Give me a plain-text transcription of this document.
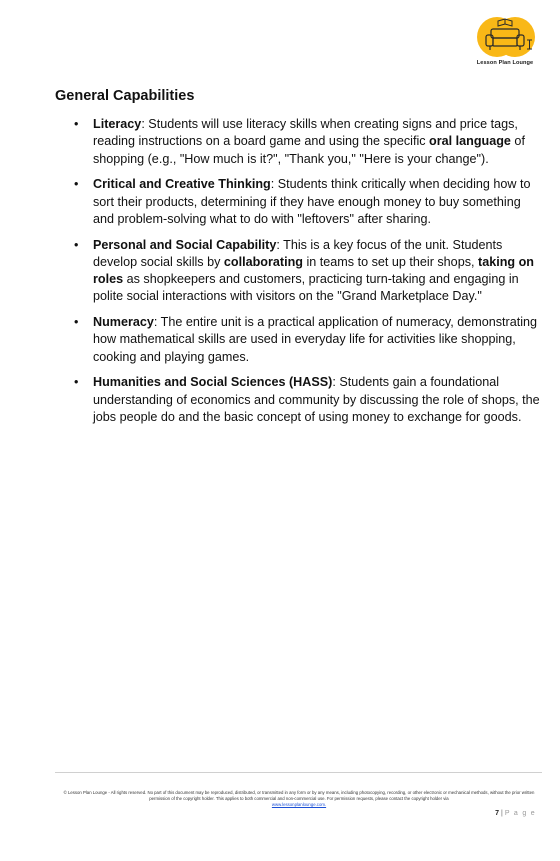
Lesson Plan Lounge
General Capabilities
• Literacy: Students will use literacy skills when creating signs and price tags, reading instructions on a board game and using the specific oral language of shopping (e.g., "How much is it?", "Thank you," "Here is your change").
• Critical and Creative Thinking: Students think critically when deciding how to sort their products, determining if they have enough money to buy something and problem-solving what to do with "leftovers" after sharing.
• Personal and Social Capability: This is a key focus of the unit. Students develop social skills by collaborating in teams to set up their shops, taking on roles as shopkeepers and customers, practicing turn-taking and engaging in polite social interactions with visitors on the "Grand Marketplace Day."
• Numeracy: The entire unit is a practical application of numeracy, demonstrating how mathematical skills are used in everyday life for activities like shopping, cooking and playing games.
• Humanities and Social Sciences (HASS): Students gain a foundational understanding of economics and community by discussing the role of shops, the jobs people do and the basic concept of using money to exchange for goods.
© Lesson Plan Lounge - All rights reserved. No part of this document may be reproduced, distributed, or transmitted in any form or by any means, including photocopying, recording, or other electronic or mechanical methods, without the prior written permission of the copyright holder. This applies to both commercial and non-commercial use. For permission requests, please contact the copyright holder via
www.lessonplanlounge.com.
7 | P a g e
